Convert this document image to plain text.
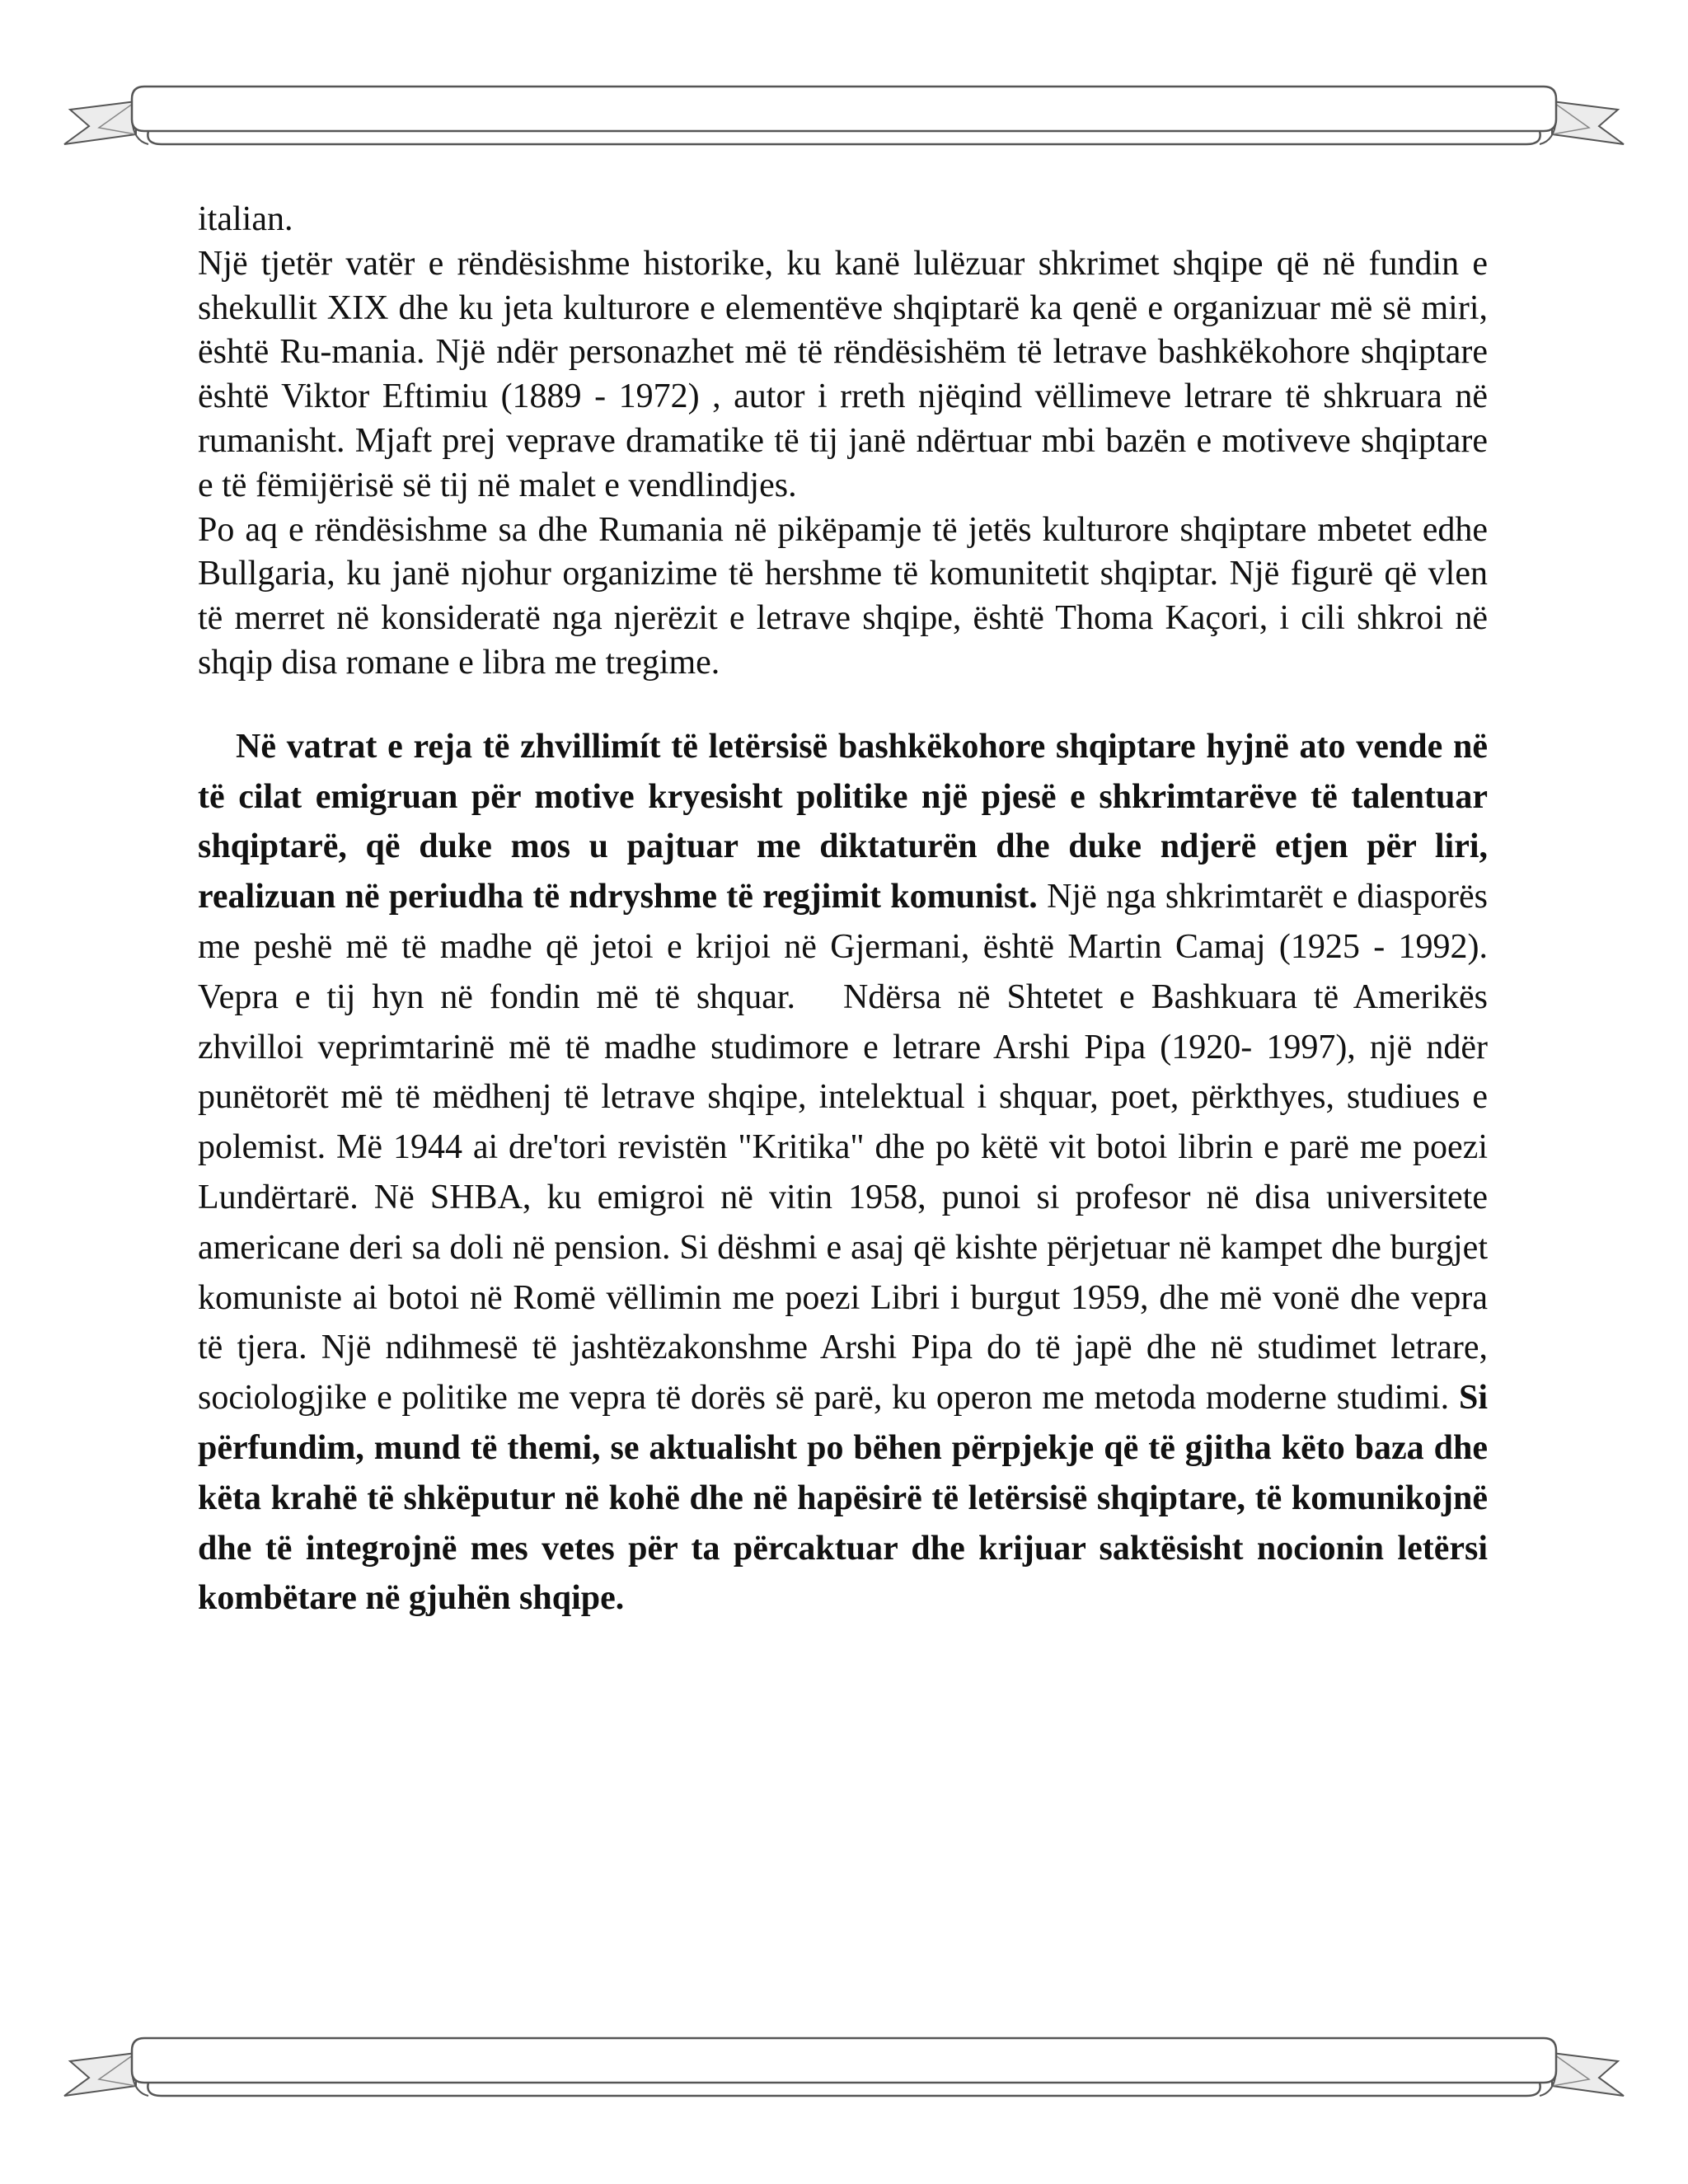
italian.
Një tjetër vatër e rëndësishme historike, ku kanë lulëzuar shkrimet shqipe që në fundin e shekullit XIX dhe ku jeta kulturore e elementëve shqiptarë ka qenë e organizuar më së miri, është Ru-mania. Një ndër personazhet më të rëndësishëm të letrave bashkëkohore shqiptare është Viktor Eftimiu (1889 - 1972) , autor i rreth njëqind vëllimeve letrare të shkruara në rumanisht. Mjaft prej veprave dramatike të tij janë ndërtuar mbi bazën e motiveve shqiptare e të fëmijërisë së tij në malet e vendlindjes.
Po aq e rëndësishme sa dhe Rumania në pikëpamje të jetës kulturore shqiptare mbetet edhe Bullgaria, ku janë njohur organizime të hershme të komunitetit shqiptar. Një figurë që vlen të merret në konsideratë nga njerëzit e letrave shqipe, është Thoma Kaçori, i cili shkroi në shqip disa romane e libra me tregime.

Në vatrat e reja të zhvillimít të letërsisë bashkëkohore shqiptare hyjnë ato vende në të cilat emigruan për motive kryesisht politike një pjesë e shkrimtarëve të talentuar shqiptarë, që duke mos u pajtuar me diktaturën dhe duke ndjerë etjen për liri, realizuan në periudha të ndryshme të regjimit komunist. Një nga shkrimtarët e diasporës me peshë më të madhe që jetoi e krijoi në Gjermani, është Martin Camaj (1925 - 1992). Vepra e tij hyn në fondin më të shquar. Ndërsa në Shtetet e Bashkuara të Amerikës zhvilloi veprimtarinë më të madhe studimore e letrare Arshi Pipa (1920- 1997), një ndër punëtorët më të mëdhenj të letrave shqipe, intelektual i shquar, poet, përkthyes, studiues e polemist. Më 1944 ai dre'tori revistën "Kritika" dhe po këtë vit botoi librin e parë me poezi Lundërtarë. Në SHBA, ku emigroi në vitin 1958, punoi si profesor në disa universitete americane deri sa doli në pension. Si dëshmi e asaj që kishte përjetuar në kampet dhe burgjet komuniste ai botoi në Romë vëllimin me poezi Libri i burgut 1959, dhe më vonë dhe vepra të tjera. Një ndihmesë të jashtëzakonshme Arshi Pipa do të japë dhe në studimet letrare, sociologjike e politike me vepra të dorës së parë, ku operon me metoda moderne studimi. Si përfundim, mund të themi, se aktualisht po bëhen përpjekje që të gjitha këto baza dhe këta krahë të shkëputur në kohë dhe në hapësirë të letërsisë shqiptare, të komunikojnë dhe të integrojnë mes vetes për ta përcaktuar dhe krijuar saktësisht nocionin letërsi kombëtare në gjuhën shqipe.
